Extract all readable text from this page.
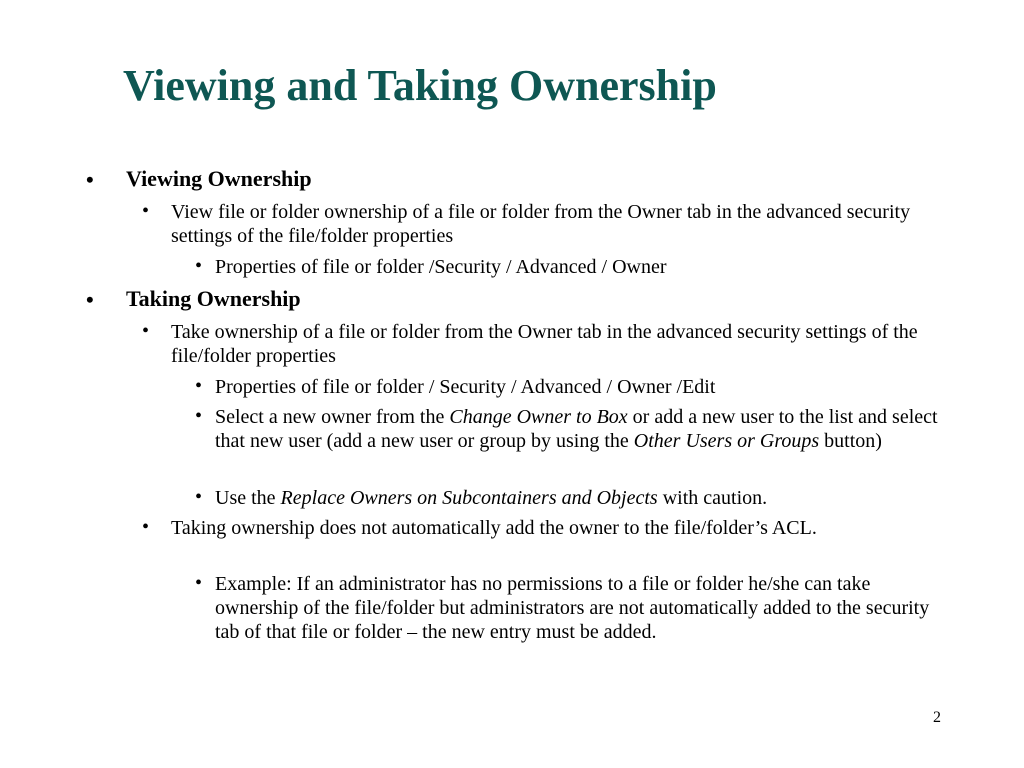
Viewing and Taking Ownership
• Viewing Ownership
• View file or folder ownership of a file or folder from the Owner tab in the advanced security settings of the file/folder properties
• Properties of file or folder /Security / Advanced / Owner
• Taking Ownership
• Take ownership of a file or folder from the Owner tab in the advanced security settings of the file/folder properties
• Properties of file or folder / Security / Advanced / Owner /Edit
• Select a new owner from the Change Owner to Box or add a new user to the list and select that new user (add a new user or group by using the Other Users or Groups button)
• Use the Replace Owners on Subcontainers and Objects with caution.
• Taking ownership does not automatically add the owner to the file/folder’s ACL.
• Example: If an administrator has no permissions to a file or folder he/she can take ownership of the file/folder but administrators are not automatically added to the security tab of that file or folder – the new entry must be added.
2
